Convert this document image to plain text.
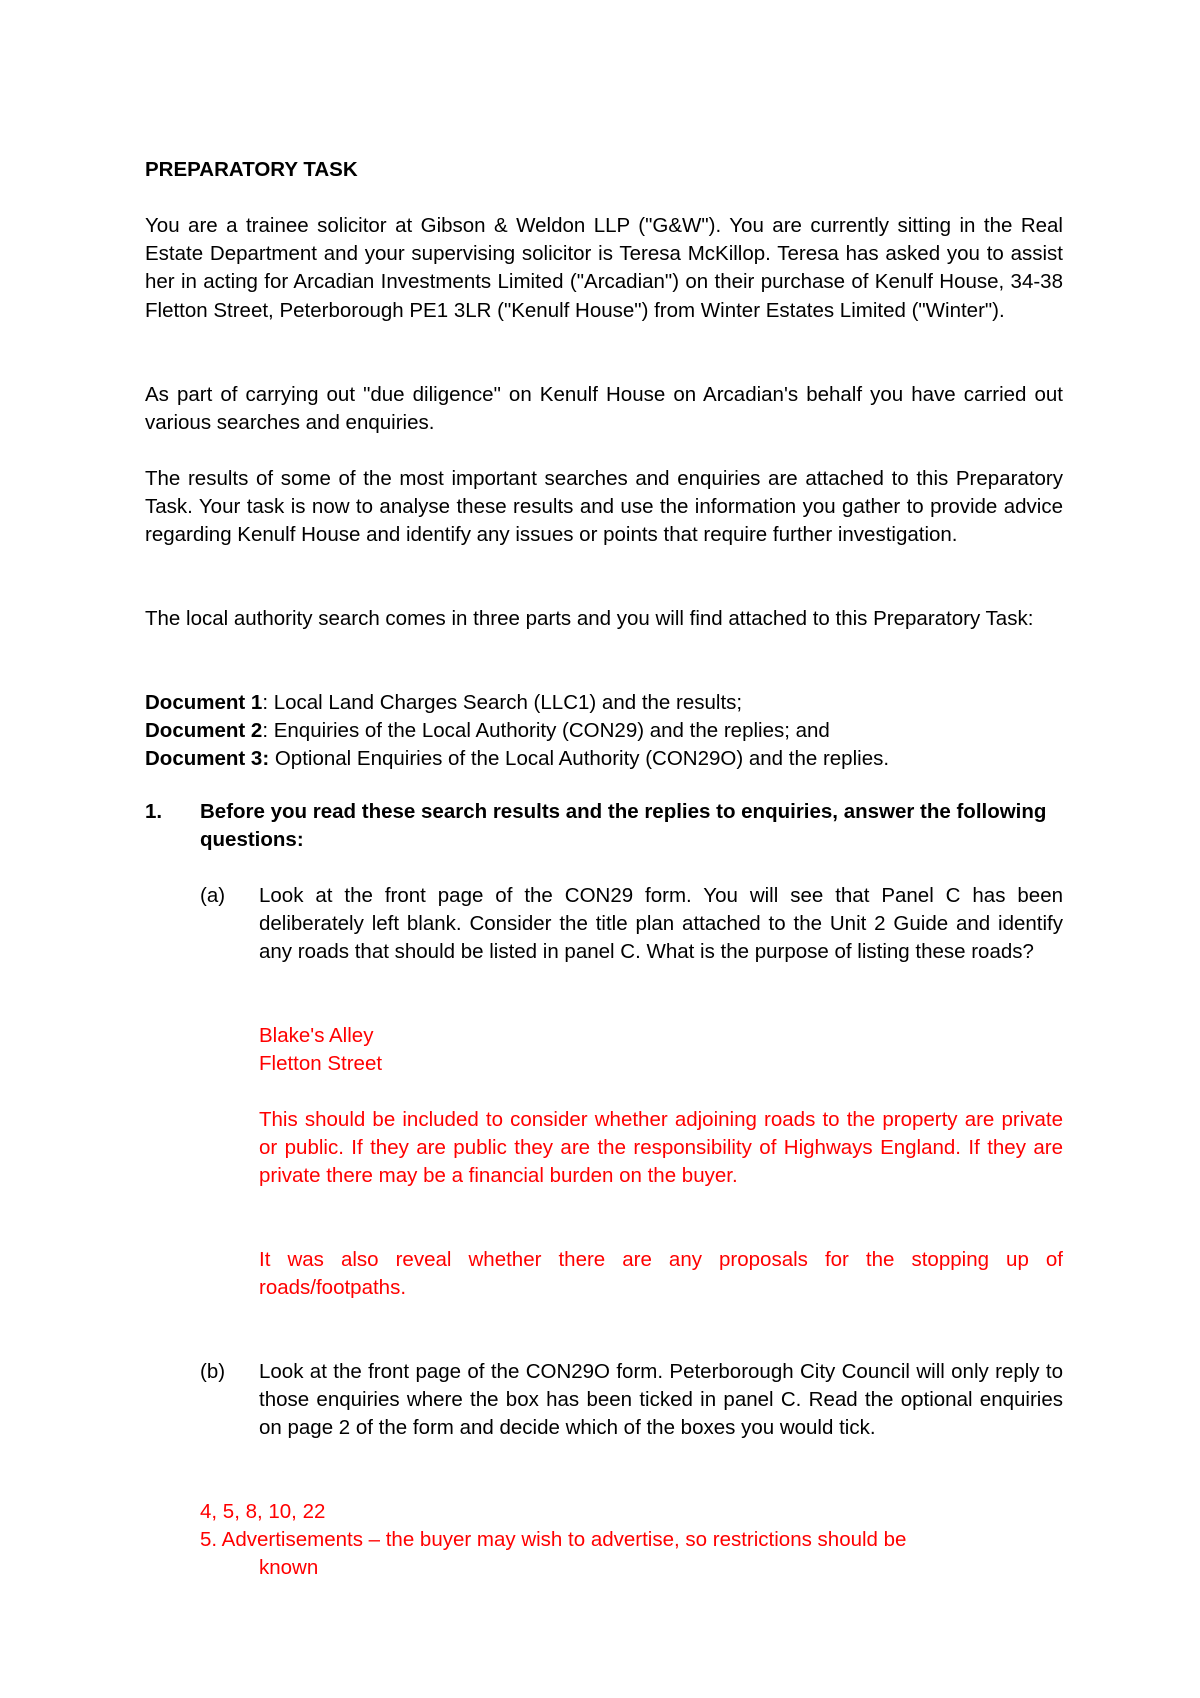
PREPARATORY TASK

You are a trainee solicitor at Gibson & Weldon LLP ("G&W"). You are currently sitting in the Real Estate Department and your supervising solicitor is Teresa McKillop. Teresa has asked you to assist her in acting for Arcadian Investments Limited ("Arcadian") on their purchase of Kenulf House, 34-38 Fletton Street, Peterborough PE1 3LR ("Kenulf House") from Winter Estates Limited ("Winter").

As part of carrying out "due diligence" on Kenulf House on Arcadian's behalf you have carried out various searches and enquiries.

The results of some of the most important searches and enquiries are attached to this Preparatory Task. Your task is now to analyse these results and use the information you gather to provide advice regarding Kenulf House and identify any issues or points that require further investigation.

The local authority search comes in three parts and you will find attached to this Preparatory Task:

Document 1: Local Land Charges Search (LLC1) and the results;

Document 2: Enquiries of the Local Authority (CON29) and the replies; and

Document 3: Optional Enquiries of the Local Authority (CON29O) and the replies.

1. Before you read these search results and the replies to enquiries, answer the following questions:

(a) Look at the front page of the CON29 form. You will see that Panel C has been deliberately left blank. Consider the title plan attached to the Unit 2 Guide and identify any roads that should be listed in panel C. What is the purpose of listing these roads?

Blake's Alley

Fletton Street

This should be included to consider whether adjoining roads to the property are private or public. If they are public they are the responsibility of Highways England. If they are private there may be a financial burden on the buyer.

It was also reveal whether there are any proposals for the stopping up of roads/footpaths.

(b) Look at the front page of the CON29O form. Peterborough City Council will only reply to those enquiries where the box has been ticked in panel C. Read the optional enquiries on page 2 of the form and decide which of the boxes you would tick.

4, 5, 8, 10, 22

5. Advertisements – the buyer may wish to advertise, so restrictions should be
known
